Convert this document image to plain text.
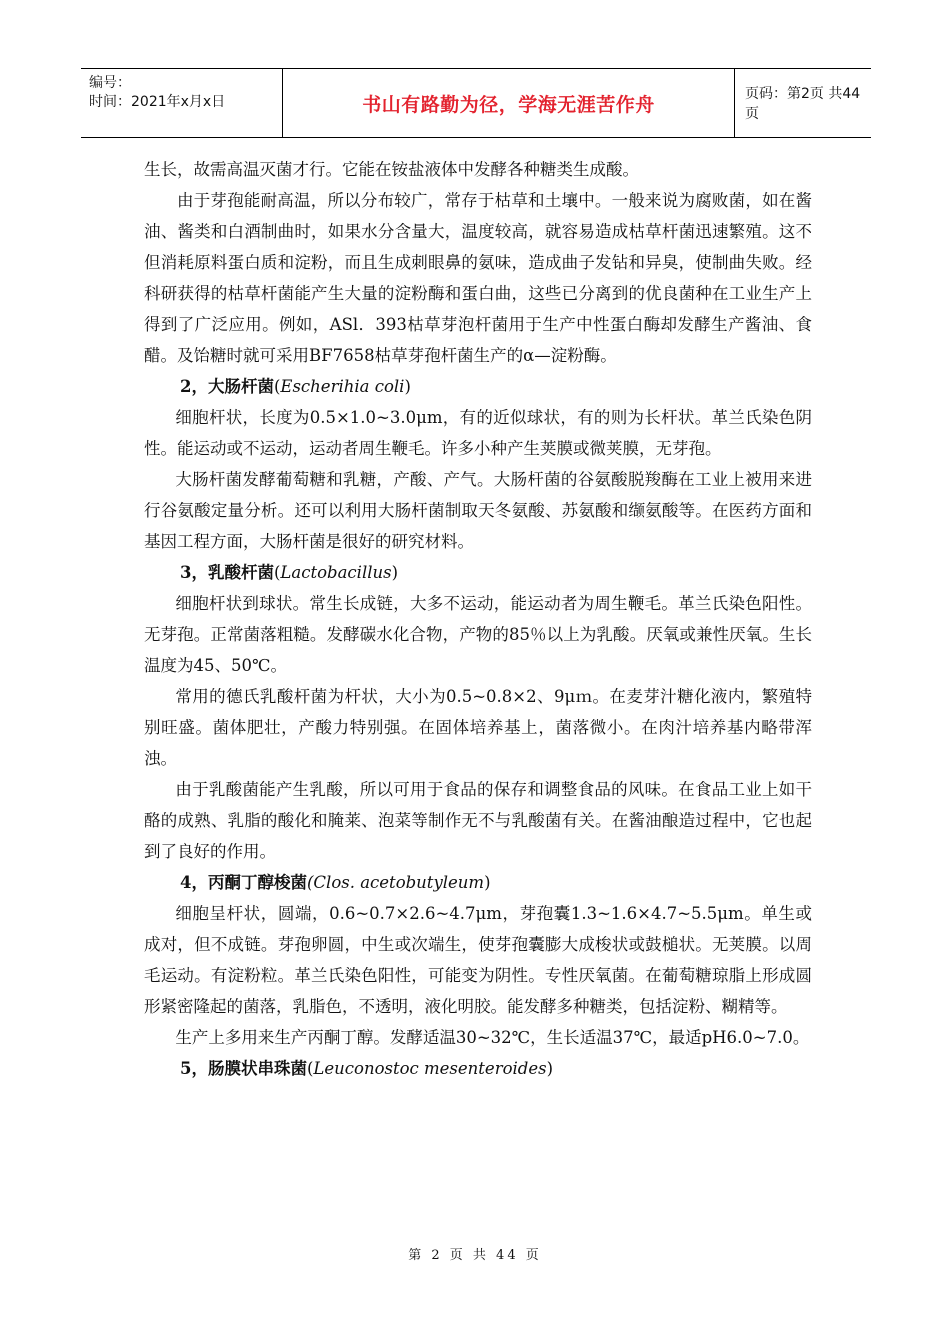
编号：
时间：2021年x月x日	书山有路勤为径，学海无涯苦作舟	页码：第2页 共44页

生长，故需高温灭菌才行。它能在铵盐液体中发酵各种糖类生成酸。

由于芽孢能耐高温，所以分布较广，常存于枯草和土壤中。一般来说为腐败菌，如在酱油、酱类和白酒制曲时，如果水分含量大，温度较高，就容易造成枯草杆菌迅速繁殖。这不但消耗原料蛋白质和淀粉，而且生成刺眼鼻的氨味，造成曲子发钻和异臭，使制曲失败。经科研获得的枯草杆菌能产生大量的淀粉酶和蛋白曲，这些已分离到的优良菌种在工业生产上得到了广泛应用。例如，ASl．393枯草芽泡杆菌用于生产中性蛋白酶却发酵生产酱油、食醋。及饴糖时就可采用BF7658枯草芽孢杆菌生产的α—淀粉酶。

2，大肠杆菌(Escherihia coli)

细胞杆状，长度为0.5×1.0~3.0μm，有的近似球状，有的则为长杆状。革兰氏染色阴性。能运动或不运动，运动者周生鞭毛。许多小种产生荚膜或微荚膜，无芽孢。

大肠杆菌发酵葡萄糖和乳糖，产酸、产气。大肠杆菌的谷氨酸脱羧酶在工业上被用来进行谷氨酸定量分析。还可以利用大肠杆菌制取天冬氨酸、苏氨酸和缬氨酸等。在医药方面和基因工程方面，大肠杆菌是很好的研究材料。

3，乳酸杆菌(Lactobacillus)

细胞杆状到球状。常生长成链，大多不运动，能运动者为周生鞭毛。革兰氏染色阳性。无芽孢。正常菌落粗糙。发酵碳水化合物，产物的85％以上为乳酸。厌氧或兼性厌氧。生长温度为45、50℃。

常用的德氏乳酸杆菌为杆状，大小为0.5~0.8×2、9μｍ。在麦芽汁糖化液内，繁殖特别旺盛。菌体肥壮，产酸力特别强。在固体培养基上，菌落微小。在肉汁培养基内略带浑浊。

由于乳酸菌能产生乳酸，所以可用于食品的保存和调整食品的风味。在食品工业上如干酪的成熟、乳脂的酸化和腌莱、泡菜等制作无不与乳酸菌有关。在酱油酿造过程中，它也起到了良好的作用。

4，丙酮丁醇梭菌(Clos. acetobutyleum)

细胞呈杆状，圆端，0.6~0.7×2.6~4.7μm，芽孢囊1.3~1.6×4.7~5.5μm。单生或成对，但不成链。芽孢卵圆，中生或次端生，使芽孢囊膨大成梭状或鼓槌状。无荚膜。以周毛运动。有淀粉粒。革兰氏染色阳性，可能变为阴性。专性厌氧菌。在葡萄糖琼脂上形成圆形紧密隆起的菌落，乳脂色，不透明，液化明胶。能发酵多种糖类，包括淀粉、糊精等。

生产上多用来生产丙酮丁醇。发酵适温30~32℃，生长适温37℃，最适pH6.0~7.0。

5，肠膜状串珠菌(Leuconostoc mesenteroides)

第 2 页 共 44 页
